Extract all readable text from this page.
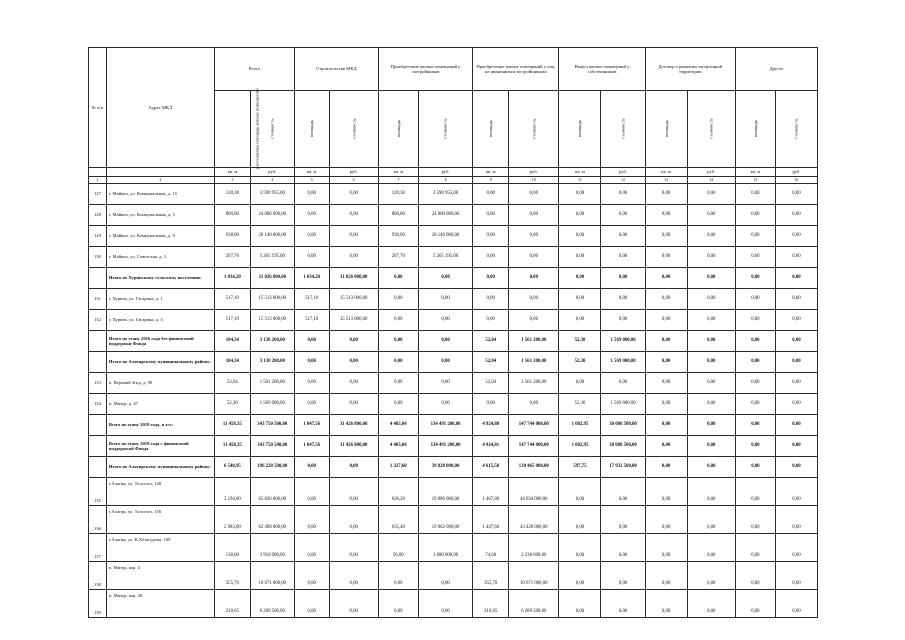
№ п/п	Адрес МКД	Всего		Строительство МКД		Приобретение жилых помещений у застройщиков		Приобретение жилых помещений у лиц, не являющихся застройщиками		Выкуп жилых помещений у собственников		Договор о развитии застроенной территории		Другое	
		расселяемая площадь жилых помещений	стоимость	площадь	стоимость	площадь	стоимость	площадь	стоимость	площадь	стоимость	площадь	стоимость	площадь	стоимость
		кв. м	руб.	кв. м	руб.	кв. м	руб.	кв. м	руб.	кв. м	руб.	кв. м	руб.	кв. м	руб.
1	2	3	4	5	6	7	8	9	10	11	12	13	14	15	16
127	г. Майкоп, ул. Коммунальная, д. 15	120,30	3 590 955,00	0,00	0,00	120,30	3 590 955,00	0,00	0,00	0,00	0,00	0,00	0,00	0,00	0,00
128	г. Майкоп, ул. Коммунальная, д. 5	800,00	24 000 000,00	0,00	0,00	800,00	24 000 000,00	0,00	0,00	0,00	0,00	0,00	0,00	0,00	0,00
129	г. Майкоп, ул. Коммунальная, д. 9	938,00	28 140 000,00	0,00	0,00	938,00	28 140 000,00	0,00	0,00	0,00	0,00	0,00	0,00	0,00	0,00
130	г. Майкоп, ул. Советская, д. 2	207,70	5 265 195,00	0,00	0,00	207,70	5 265 195,00	0,00	0,00	0,00	0,00	0,00	0,00	0,00	0,00
	Итого по Хуринскому сельскому поселению:	1 034,20	31 026 000,00	1 034,20	31 026 000,00	0,00	0,00	0,00	0,00	0,00	0,00	0,00	0,00	0,00	0,00
131	г. Хуриек, ул. Гагарина, д. 1	517,10	15 513 000,00	517,10	15 513 000,00	0,00	0,00	0,00	0,00	0,00	0,00	0,00	0,00	0,00	0,00
132	г. Хуриек, ул. Гагарина, д. 3	517,10	15 513 000,00	517,10	15 513 000,00	0,00	0,00	0,00	0,00	0,00	0,00	0,00	0,00	0,00	0,00
	Итого по этапу 2016 года без финансовой поддержки Фонда	104,34	3 130 200,00	0,00	0,00	0,00	0,00	52,04	1 561 200,00	52,30	1 569 000,00	0,00	0,00	0,00	0,00
	Итого по Алагирскому муниципальному району:	104,34	3 130 200,00	0,00	0,00	0,00	0,00	52,04	1 561 200,00	52,30	1 569 000,00	0,00	0,00	0,00	0,00
133	п. Верхний Згид, д. 90	52,04	1 561 200,00	0,00	0,00	0,00	0,00	52,04	1 561 200,00	0,00	0,00	0,00	0,00	0,00	0,00
134	п. Мизур, д. 47	52,30	1 569 000,00	0,00	0,00	0,00	0,00	0,00	0,00	52,30	1 569 000,00	0,00	0,00	0,00	0,00
	Всего по этапу 2018 года, в т.ч.:	11 458,35	343 750 500,00	1 047,56	31 426 800,00	4 483,04	134 491 200,00	4 924,80	147 744 000,00	1 002,95	30 088 500,00	0,00	0,00	0,00	0,00
	Всего по этапу 2018 года с финансовой поддержкой Фонда	11 458,35	343 750 500,00	1 047,56	31 426 800,00	4 483,04	134 491 200,00	4 924,81	147 744 000,00	1 002,95	30 088 500,00	0,00	0,00	0,00	0,00
	Итого по Алагирскому муниципальному району:	6 540,95	196 228 500,00	0,00	0,00	1 327,60	39 828 000,00	4 615,50	138 465 000,00	597,75	17 932 500,00	0,00	0,00	0,00	0,00
135	г.Алагир, ул. Толстого, 148	2 194,00	65 820 000,00	0,00	0,00	636,20	19 086 000,00	1 467,80	44 034 000,00	0,00	0,00	0,00	0,00	0,00	0,00
136	г.Алагир, ул. Толстого, 156	2 083,00	62 490 000,00	0,00	0,00	635,40	19 062 000,00	1 447,60	43 428 000,00	0,00	0,00	0,00	0,00	0,00	0,00
137	г.Алагир, ул. К.Хетагурова, 189	130,60	3 918 000,00	0,00	0,00	56,00	1 680 000,00	74,60	2 238 000,00	0,00	0,00	0,00	0,00	0,00	0,00
138	п. Мизур, кор. 4	355,70	10 671 000,00	0,00	0,00	0,00	0,00	355,70	10 671 000,00	0,00	0,00	0,00	0,00	0,00	0,00
139	п. Мизур, кор. 26	210,65	6 289 500,00	0,00	0,00	0,00	0,00	210,65	6 289 500,00	0,00	0,00	0,00	0,00	0,00	0,00
